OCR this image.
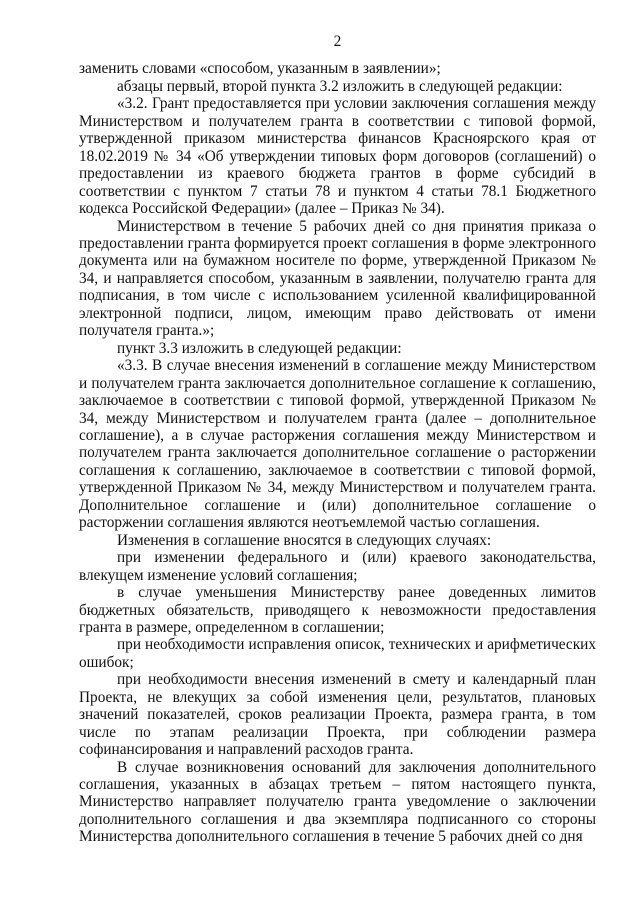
2

заменить словами «способом, указанным в заявлении»;

абзацы первый, второй пункта 3.2 изложить в следующей редакции:

«3.2. Грант предоставляется при условии заключения соглашения между Министерством и получателем гранта в соответствии с типовой формой, утвержденной приказом министерства финансов Красноярского края от 18.02.2019 № 34 «Об утверждении типовых форм договоров (соглашений) о предоставлении из краевого бюджета грантов в форме субсидий в соответствии с пунктом 7 статьи 78 и пунктом 4 статьи 78.1 Бюджетного кодекса Российской Федерации» (далее – Приказ № 34).

Министерством в течение 5 рабочих дней со дня принятия приказа о предоставлении гранта формируется проект соглашения в форме электронного документа или на бумажном носителе по форме, утвержденной Приказом № 34, и направляется способом, указанным в заявлении, получателю гранта для подписания, в том числе с использованием усиленной квалифицированной электронной подписи, лицом, имеющим право действовать от имени получателя гранта.»;

пункт 3.3 изложить в следующей редакции:

«3.3. В случае внесения изменений в соглашение между Министерством и получателем гранта заключается дополнительное соглашение к соглашению, заключаемое в соответствии с типовой формой, утвержденной Приказом № 34, между Министерством и получателем гранта (далее – дополнительное соглашение), а в случае расторжения соглашения между Министерством и получателем гранта заключается дополнительное соглашение о расторжении соглашения к соглашению, заключаемое в соответствии с типовой формой, утвержденной Приказом № 34, между Министерством и получателем гранта. Дополнительное соглашение и (или) дополнительное соглашение о расторжении соглашения являются неотъемлемой частью соглашения.

Изменения в соглашение вносятся в следующих случаях:

при изменении федерального и (или) краевого законодательства, влекущем изменение условий соглашения;

в случае уменьшения Министерству ранее доведенных лимитов бюджетных обязательств, приводящего к невозможности предоставления гранта в размере, определенном в соглашении;

при необходимости исправления описок, технических и арифметических ошибок;

при необходимости внесения изменений в смету и календарный план Проекта, не влекущих за собой изменения цели, результатов, плановых значений показателей, сроков реализации Проекта, размера гранта, в том числе по этапам реализации Проекта, при соблюдении размера софинансирования и направлений расходов гранта.

В случае возникновения оснований для заключения дополнительного соглашения, указанных в абзацах третьем – пятом настоящего пункта, Министерство направляет получателю гранта уведомление о заключении дополнительного соглашения и два экземпляра подписанного со стороны Министерства дополнительного соглашения в течение 5 рабочих дней со дня
